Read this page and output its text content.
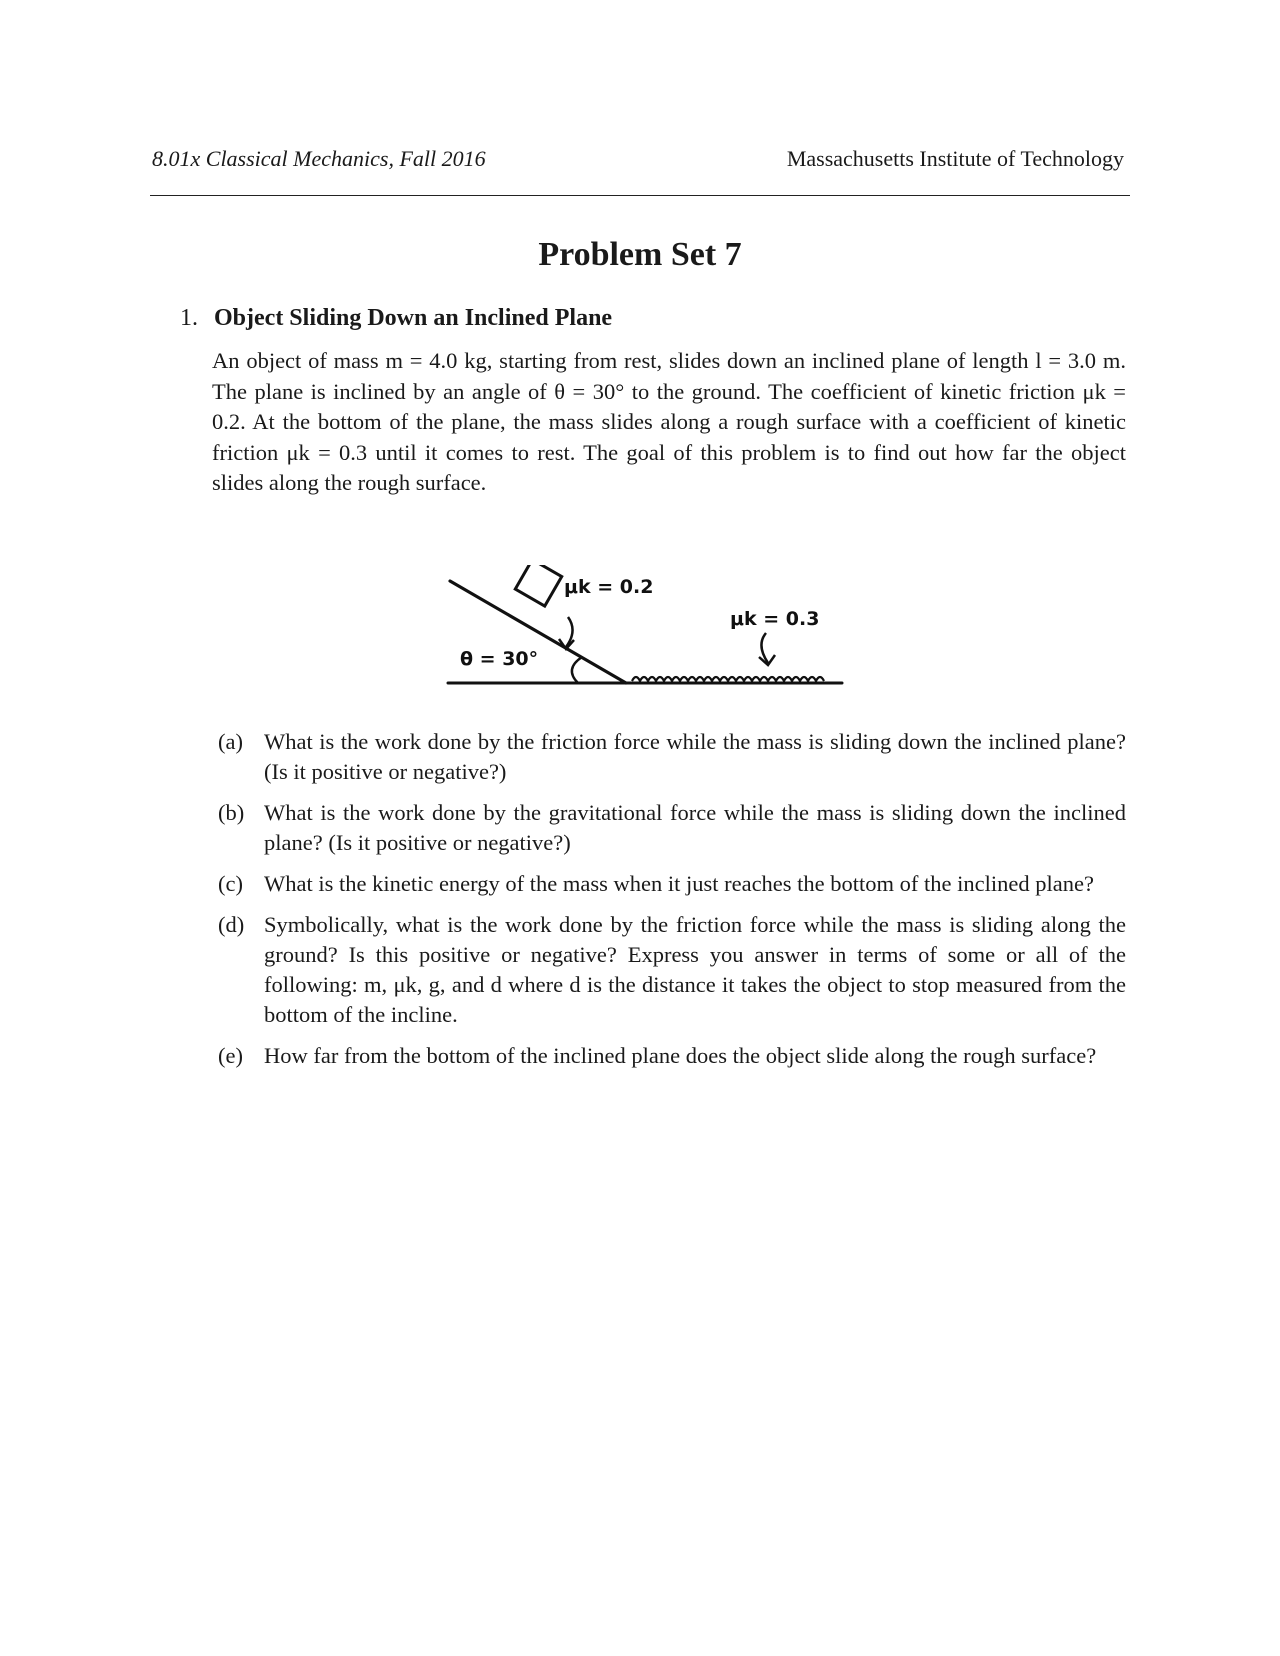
8.01x Classical Mechanics, Fall 2016	Massachusetts Institute of Technology
Problem Set 7
1. Object Sliding Down an Inclined Plane
An object of mass m = 4.0 kg, starting from rest, slides down an inclined plane of length l = 3.0 m. The plane is inclined by an angle of θ = 30° to the ground. The coefficient of kinetic friction μk = 0.2. At the bottom of the plane, the mass slides along a rough surface with a coefficient of kinetic friction μk = 0.3 until it comes to rest. The goal of this problem is to find out how far the object slides along the rough surface.
μk = 0.2
μk = 0.3
θ = 30°
(a) What is the work done by the friction force while the mass is sliding down the inclined plane? (Is it positive or negative?)
(b) What is the work done by the gravitational force while the mass is sliding down the inclined plane? (Is it positive or negative?)
(c) What is the kinetic energy of the mass when it just reaches the bottom of the inclined plane?
(d) Symbolically, what is the work done by the friction force while the mass is sliding along the ground? Is this positive or negative? Express you answer in terms of some or all of the following: m, μk, g, and d where d is the distance it takes the object to stop measured from the bottom of the incline.
(e) How far from the bottom of the inclined plane does the object slide along the rough surface?
